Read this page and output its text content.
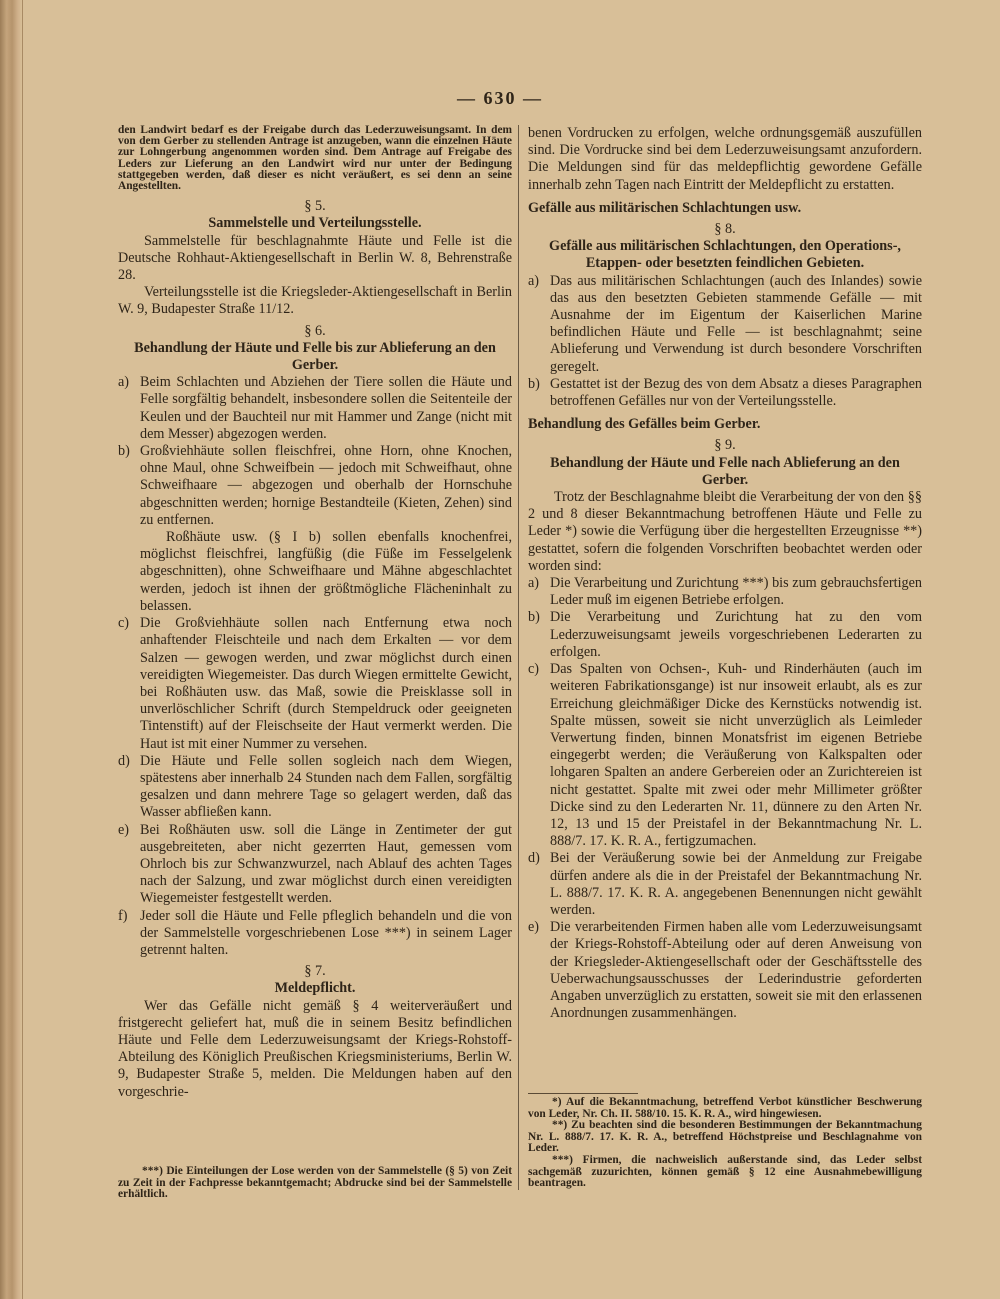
— 630 —
den Landwirt bedarf es der Freigabe durch das Lederzuweisungsamt. In dem von dem Gerber zu stellenden Antrage ist anzugeben, wann die einzelnen Häute zur Lohngerbung angenommen worden sind. Dem Antrage auf Freigabe des Leders zur Lieferung an den Landwirt wird nur unter der Bedingung stattgegeben werden, daß dieser es nicht veräußert, es sei denn an seine Angestellten.
§ 5.
Sammelstelle und Verteilungsstelle.
Sammelstelle für beschlagnahmte Häute und Felle ist die Deutsche Rohhaut-Aktiengesellschaft in Berlin W. 8, Behrenstraße 28.
Verteilungsstelle ist die Kriegsleder-Aktiengesellschaft in Berlin W. 9, Budapester Straße 11/12.
§ 6.
Behandlung der Häute und Felle bis zur Ablieferung an den Gerber.
a) Beim Schlachten und Abziehen der Tiere sollen die Häute und Felle sorgfältig behandelt, insbesondere sollen die Seitenteile der Keulen und der Bauchteil nur mit Hammer und Zange (nicht mit dem Messer) abgezogen werden.
b) Großviehhäute sollen fleischfrei, ohne Horn, ohne Knochen, ohne Maul, ohne Schweifbein — jedoch mit Schweifhaut, ohne Schweifhaare — abgezogen und oberhalb der Hornschuhe abgeschnitten werden; hornige Bestandteile (Kieten, Zehen) sind zu entfernen.
Roßhäute usw. (§ I b) sollen ebenfalls knochenfrei, möglichst fleischfrei, langfüßig (die Füße im Fesselgelenk abgeschnitten), ohne Schweifhaare und Mähne abgeschlachtet werden, jedoch ist ihnen der größtmögliche Flächeninhalt zu belassen.
c) Die Großviehhäute sollen nach Entfernung etwa noch anhaftender Fleischteile und nach dem Erkalten — vor dem Salzen — gewogen werden, und zwar möglichst durch einen vereidigten Wiegemeister. Das durch Wiegen ermittelte Gewicht, bei Roßhäuten usw. das Maß, sowie die Preisklasse soll in unverlöschlicher Schrift (durch Stempeldruck oder geeigneten Tintenstift) auf der Fleischseite der Haut vermerkt werden. Die Haut ist mit einer Nummer zu versehen.
d) Die Häute und Felle sollen sogleich nach dem Wiegen, spätestens aber innerhalb 24 Stunden nach dem Fallen, sorgfältig gesalzen und dann mehrere Tage so gelagert werden, daß das Wasser abfließen kann.
e) Bei Roßhäuten usw. soll die Länge in Zentimeter der gut ausgebreiteten, aber nicht gezerrten Haut, gemessen vom Ohrloch bis zur Schwanzwurzel, nach Ablauf des achten Tages nach der Salzung, und zwar möglichst durch einen vereidigten Wiegemeister festgestellt werden.
f) Jeder soll die Häute und Felle pfleglich behandeln und die von der Sammelstelle vorgeschriebenen Lose ***) in seinem Lager getrennt halten.
§ 7.
Meldepflicht.
Wer das Gefälle nicht gemäß § 4 weiterveräußert und fristgerecht geliefert hat, muß die in seinem Besitz befindlichen Häute und Felle dem Lederzuweisungsamt der Kriegs-Rohstoff-Abteilung des Königlich Preußischen Kriegsministeriums, Berlin W. 9, Budapester Straße 5, melden. Die Meldungen haben auf den vorgeschrie-
benen Vordrucken zu erfolgen, welche ordnungsgemäß auszufüllen sind. Die Vordrucke sind bei dem Lederzuweisungsamt anzufordern. Die Meldungen sind für das meldepflichtig gewordene Gefälle innerhalb zehn Tagen nach Eintritt der Meldepflicht zu erstatten.
Gefälle aus militärischen Schlachtungen usw.
§ 8.
Gefälle aus militärischen Schlachtungen, den Operations-, Etappen- oder besetzten feindlichen Gebieten.
a) Das aus militärischen Schlachtungen (auch des Inlandes) sowie das aus den besetzten Gebieten stammende Gefälle — mit Ausnahme der im Eigentum der Kaiserlichen Marine befindlichen Häute und Felle — ist beschlagnahmt; seine Ablieferung und Verwendung ist durch besondere Vorschriften geregelt.
b) Gestattet ist der Bezug des von dem Absatz a dieses Paragraphen betroffenen Gefälles nur von der Verteilungsstelle.
Behandlung des Gefälles beim Gerber.
§ 9.
Behandlung der Häute und Felle nach Ablieferung an den Gerber.
Trotz der Beschlagnahme bleibt die Verarbeitung der von den §§ 2 und 8 dieser Bekanntmachung betroffenen Häute und Felle zu Leder *) sowie die Verfügung über die hergestellten Erzeugnisse **) gestattet, sofern die folgenden Vorschriften beobachtet werden oder worden sind:
a) Die Verarbeitung und Zurichtung ***) bis zum gebrauchsfertigen Leder muß im eigenen Betriebe erfolgen.
b) Die Verarbeitung und Zurichtung hat zu den vom Lederzuweisungsamt jeweils vorgeschriebenen Lederarten zu erfolgen.
c) Das Spalten von Ochsen-, Kuh- und Rinderhäuten (auch im weiteren Fabrikationsgange) ist nur insoweit erlaubt, als es zur Erreichung gleichmäßiger Dicke des Kernstücks notwendig ist. Spalte müssen, soweit sie nicht unverzüglich als Leimleder Verwertung finden, binnen Monatsfrist im eigenen Betriebe eingegerbt werden; die Veräußerung von Kalkspalten oder lohgaren Spalten an andere Gerbereien oder an Zurichtereien ist nicht gestattet. Spalte mit zwei oder mehr Millimeter größter Dicke sind zu den Lederarten Nr. 11, dünnere zu den Arten Nr. 12, 13 und 15 der Preistafel in der Bekanntmachung Nr. L. 888/7. 17. K. R. A., fertigzumachen.
d) Bei der Veräußerung sowie bei der Anmeldung zur Freigabe dürfen andere als die in der Preistafel der Bekanntmachung Nr. L. 888/7. 17. K. R. A. angegebenen Benennungen nicht gewählt werden.
e) Die verarbeitenden Firmen haben alle vom Lederzuweisungsamt der Kriegs-Rohstoff-Abteilung oder auf deren Anweisung von der Kriegsleder-Aktiengesellschaft oder der Geschäftsstelle des Ueberwachungsausschusses der Lederindustrie geforderten Angaben unverzüglich zu erstatten, soweit sie mit den erlassenen Anordnungen zusammenhängen.
***) Die Einteilungen der Lose werden von der Sammelstelle (§ 5) von Zeit zu Zeit in der Fachpresse bekanntgemacht; Abdrucke sind bei der Sammelstelle erhältlich.
*) Auf die Bekanntmachung, betreffend Verbot künstlicher Beschwerung von Leder, Nr. Ch. II. 588/10. 15. K. R. A., wird hingewiesen.
**) Zu beachten sind die besonderen Bestimmungen der Bekanntmachung Nr. L. 888/7. 17. K. R. A., betreffend Höchstpreise und Beschlagnahme von Leder.
***) Firmen, die nachweislich außerstande sind, das Leder selbst sachgemäß zuzurichten, können gemäß § 12 eine Ausnahmebewilligung beantragen.
